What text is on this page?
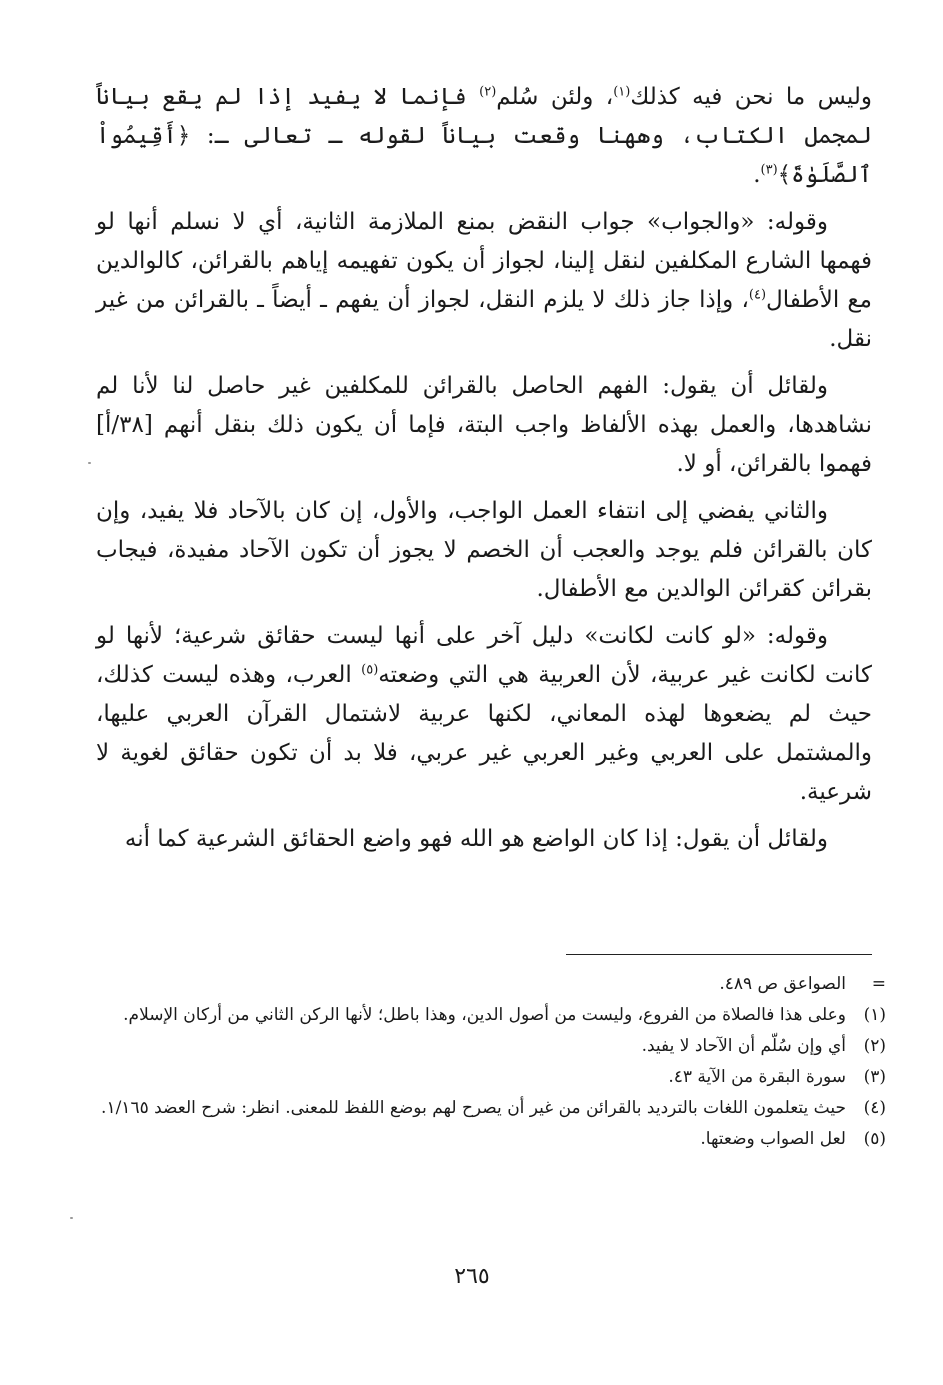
وليس ما نحن فيه كذلك$^{(١)}$، ولئن سُلم$^{(٢)}$ فإنما لا يفيد إذا لم يقع بياناً لمجمل الكتاب، وههنا وقعت بياناً لقوله ـ تعالى ـ: ﴿أَقِيمُواْ ٱلصَّلَوٰةَ﴾$^{(٣)}$.

وقوله: «والجواب» جواب النقض بمنع الملازمة الثانية، أي لا نسلم أنها لو فهمها الشارع المكلفين لنقل إلينا، لجواز أن يكون تفهيمه إياهم بالقرائن، كالوالدين مع الأطفال$^{(٤)}$، وإذا جاز ذلك لا يلزم النقل، لجواز أن يفهم ـ أيضاً ـ بالقرائن من غير نقل.

ولقائل أن يقول: الفهم الحاصل بالقرائن للمكلفين غير حاصل لنا لأنا لم نشاهدها، والعمل بهذه الألفاظ واجب البتة، فإما أن يكون ذلك بنقل أنهم [٣٨/أ] فهموا بالقرائن، أو لا.

والثاني يفضي إلى انتفاء العمل الواجب، والأول، إن كان بالآحاد فلا يفيد، وإن كان بالقرائن فلم يوجد والعجب أن الخصم لا يجوز أن تكون الآحاد مفيدة، فيجاب بقرائن كقرائن الوالدين مع الأطفال.

وقوله: «لو كانت لكانت» دليل آخر على أنها ليست حقائق شرعية؛ لأنها لو كانت لكانت غير عربية، لأن العربية هي التي وضعته$^{(٥)}$ العرب، وهذه ليست كذلك، حيث لم يضعوها لهذه المعاني، لكنها عربية لاشتمال القرآن العربي عليها، والمشتمل على العربي وغير العربي غير عربي، فلا بد أن تكون حقائق لغوية لا شرعية.

ولقائل أن يقول: إذا كان الواضع هو الله فهو واضع الحقائق الشرعية كما أنه

=
الصواعق ص ٤٨٩.
(١)
وعلى هذا فالصلاة من الفروع، وليست من أصول الدين، وهذا باطل؛ لأنها الركن الثاني من أركان الإسلام.
(٢)
أي وإن سُلّم أن الآحاد لا يفيد.
(٣)
سورة البقرة من الآية ٤٣.
(٤)
حيث يتعلمون اللغات بالترديد بالقرائن من غير أن يصرح لهم بوضع اللفظ للمعنى. انظر: شرح العضد ١/١٦٥.
(٥)
لعل الصواب وضعتها.
٢٦٥
